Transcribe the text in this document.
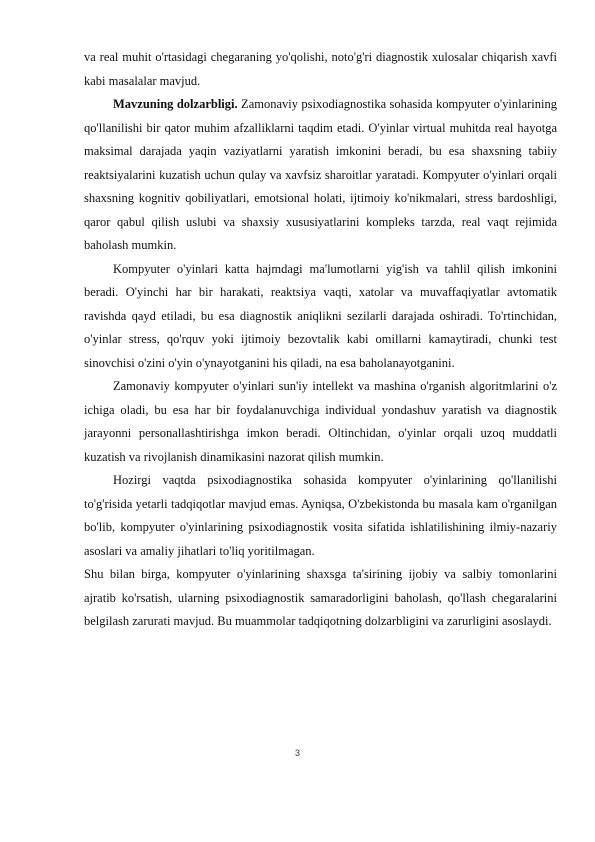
va real muhit o'rtasidagi chegaraning yo'qolishi, noto'g'ri diagnostik xulosalar chiqarish xavfi kabi masalalar mavjud.

Mavzuning dolzarbligi. Zamonaviy psixodiagnostika sohasida kompyuter o'yinlarining qo'llanilishi bir qator muhim afzalliklarni taqdim etadi. O'yinlar virtual muhitda real hayotga maksimal darajada yaqin vaziyatlarni yaratish imkonini beradi, bu esa shaxsning tabiiy reaktsiyalarini kuzatish uchun qulay va xavfsiz sharoitlar yaratadi. Kompyuter o'yinlari orqali shaxsning kognitiv qobiliyatlari, emotsional holati, ijtimoiy ko'nikmalari, stress bardoshligi, qaror qabul qilish uslubi va shaxsiy xususiyatlarini kompleks tarzda, real vaqt rejimida baholash mumkin.

Kompyuter o'yinlari katta hajmdagi ma'lumotlarni yig'ish va tahlil qilish imkonini beradi. O'yinchi har bir harakati, reaktsiya vaqti, xatolar va muvaffaqiyatlar avtomatik ravishda qayd etiladi, bu esa diagnostik aniqlikni sezilarli darajada oshiradi. To'rtinchidan, o'yinlar stress, qo'rquv yoki ijtimoiy bezovtalik kabi omillarni kamaytiradi, chunki test sinovchisi o'zini o'yin o'ynayotganini his qiladi, na esa baholanayotganini.

Zamonaviy kompyuter o'yinlari sun'iy intellekt va mashina o'rganish algoritmlarini o'z ichiga oladi, bu esa har bir foydalanuvchiga individual yondashuv yaratish va diagnostik jarayonni personallashtirishga imkon beradi. Oltinchidan, o'yinlar orqali uzoq muddatli kuzatish va rivojlanish dinamikasini nazorat qilish mumkin.

Hozirgi vaqtda psixodiagnostika sohasida kompyuter o'yinlarining qo'llanilishi to'g'risida yetarli tadqiqotlar mavjud emas. Ayniqsa, O'zbekistonda bu masala kam o'rganilgan bo'lib, kompyuter o'yinlarining psixodiagnostik vosita sifatida ishlatilishining ilmiy-nazariy asoslari va amaliy jihatlari to'liq yoritilmagan.

Shu bilan birga, kompyuter o'yinlarining shaxsga ta'sirining ijobiy va salbiy tomonlarini ajratib ko'rsatish, ularning psixodiagnostik samaradorligini baholash, qo'llash chegaralarini belgilash zarurati mavjud. Bu muammolar tadqiqotning dolzarbligini va zarurligini asoslaydi.

3
